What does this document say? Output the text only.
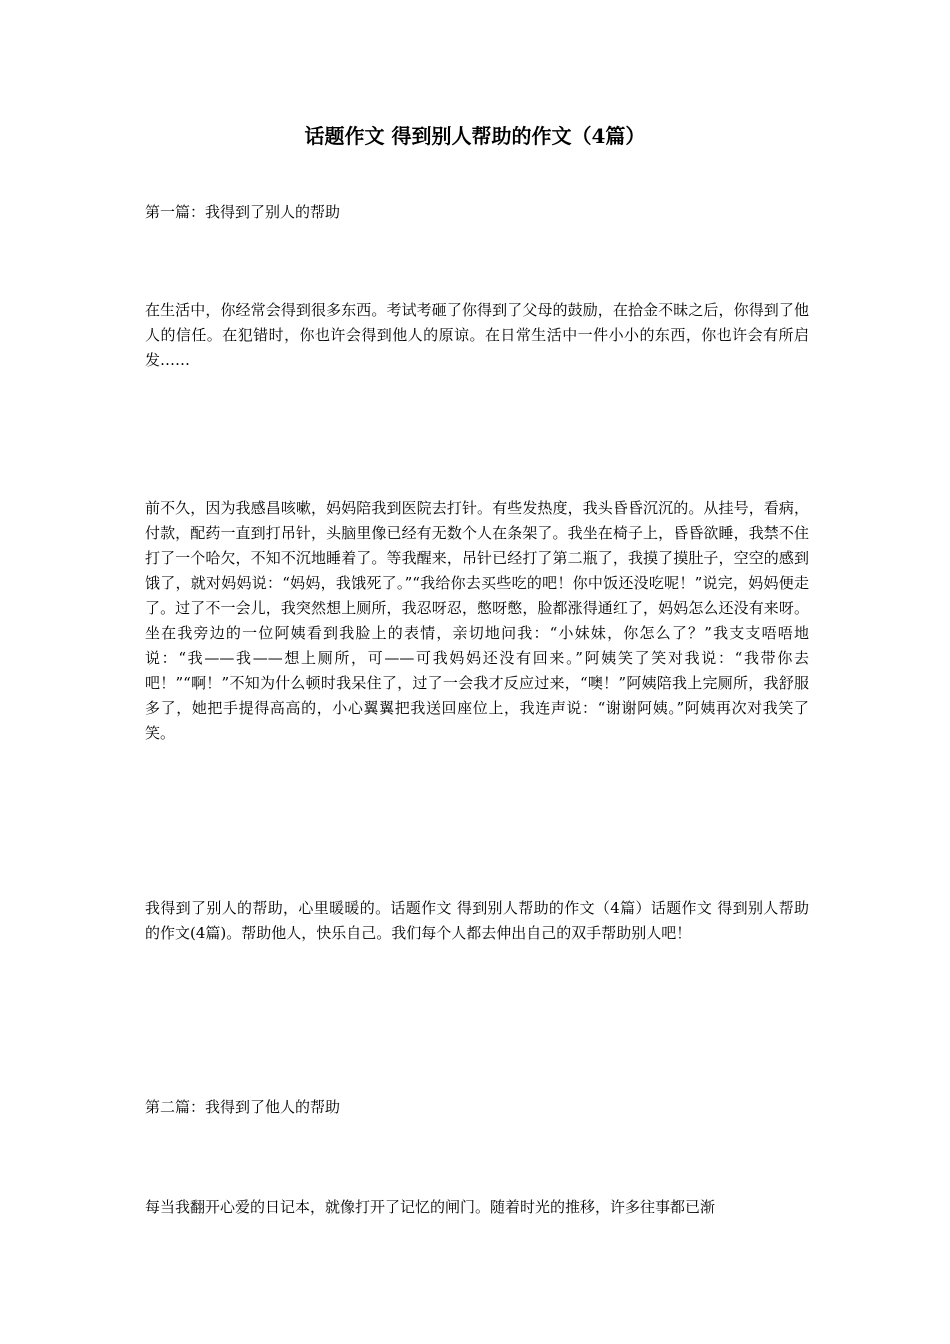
话题作文 得到别人帮助的作文（4篇）

第一篇：我得到了别人的帮助

在生活中，你经常会得到很多东西。考试考砸了你得到了父母的鼓励，在拾金不昧之后，你得到了他人的信任。在犯错时，你也许会得到他人的原谅。在日常生活中一件小小的东西，你也许会有所启发……

前不久，因为我感昌咳嗽，妈妈陪我到医院去打针。有些发热度，我头昏昏沉沉的。从挂号，看病，付款，配药一直到打吊针，头脑里像已经有无数个人在条架了。我坐在椅子上，昏昏欲睡，我禁不住打了一个哈欠，不知不沉地睡着了。等我醒来，吊针已经打了第二瓶了，我摸了摸肚子，空空的感到饿了，就对妈妈说：“妈妈，我饿死了。”“我给你去买些吃的吧！你中饭还没吃呢！”说完，妈妈便走了。过了不一会儿，我突然想上厕所，我忍呀忍，憋呀憋，脸都涨得通红了，妈妈怎么还没有来呀。坐在我旁边的一位阿姨看到我脸上的表情，亲切地问我：“小妹妹，你怎么了？”我支支唔唔地说：“我——我——想上厕所，可——可我妈妈还没有回来。”阿姨笑了笑对我说：“我带你去吧！”“啊！”不知为什么顿时我呆住了，过了一会我才反应过来，“噢！”阿姨陪我上完厕所，我舒服多了，她把手提得高高的，小心翼翼把我送回座位上，我连声说：“谢谢阿姨。”阿姨再次对我笑了笑。

我得到了别人的帮助，心里暖暖的。话题作文 得到别人帮助的作文（4篇）话题作文 得到别人帮助的作文(4篇)。帮助他人，快乐自己。我们每个人都去伸出自己的双手帮助别人吧！

第二篇：我得到了他人的帮助

每当我翻开心爱的日记本，就像打开了记忆的闸门。随着时光的推移，许多往事都已渐
